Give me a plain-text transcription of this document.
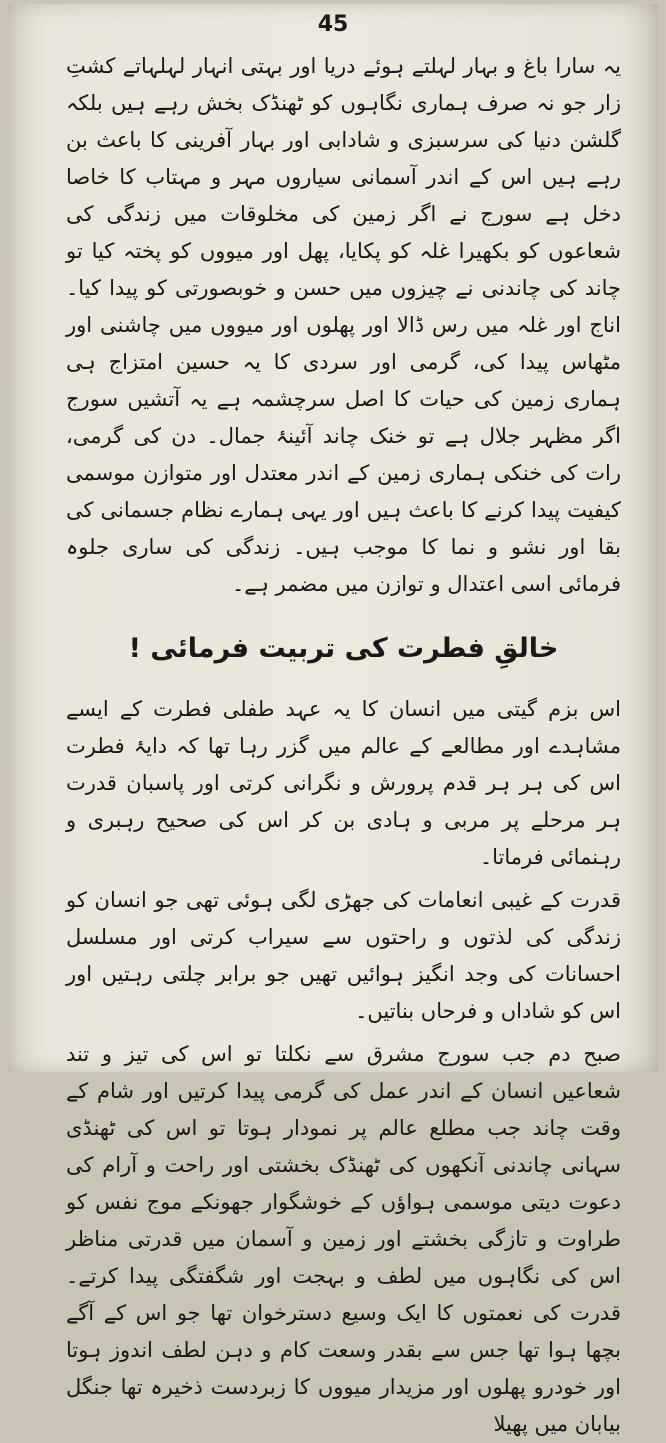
45

یہ سارا باغ و بہار لہلتے ہوئے دریا اور بہتی انہار لہلہاتے کشتِ زار جو نہ صرف ہماری نگاہوں کو ٹھنڈک بخش رہے ہیں بلکہ گلشن دنیا کی سرسبزی و شادابی اور بہار آفرینی کا باعث بن رہے ہیں اس کے اندر آسمانی سیاروں مہر و مہتاب کا خاصا دخل ہے سورج نے اگر زمین کی مخلوقات میں زندگی کی شعاعوں کو بکھیرا غلہ کو پکایا، پھل اور میووں کو پختہ کیا تو چاند کی چاندنی نے چیزوں میں حسن و خوبصورتی کو پیدا کیا۔ اناج اور غلہ میں رس ڈالا اور پھلوں اور میووں میں چاشنی اور مٹھاس پیدا کی، گرمی اور سردی کا یہ حسین امتزاج ہی ہماری زمین کی حیات کا اصل سرچشمہ ہے یہ آتشیں سورج اگر مظہر جلال ہے تو خنک چاند آئینۂ جمال۔ دن کی گرمی، رات کی خنکی ہماری زمین کے اندر معتدل اور متوازن موسمی کیفیت پیدا کرنے کا باعث ہیں اور یہی ہمارے نظام جسمانی کی بقا اور نشو و نما کا موجب ہیں۔ زندگی کی ساری جلوہ فرمائی اسی اعتدال و توازن میں مضمر ہے۔

خالقِ فطرت کی تربیت فرمائی !

اس بزم گیتی میں انسان کا یہ عہد طفلی فطرت کے ایسے مشاہدے اور مطالعے کے عالم میں گزر رہا تھا کہ دایۂ فطرت اس کی ہر ہر قدم پرورش و نگرانی کرتی اور پاسبان قدرت ہر مرحلے پر مربی و ہادی بن کر اس کی صحیح رہبری و رہنمائی فرماتا۔

قدرت کے غیبی انعامات کی جھڑی لگی ہوئی تھی جو انسان کو زندگی کی لذتوں و راحتوں سے سیراب کرتی اور مسلسل احسانات کی وجد انگیز ہوائیں تھیں جو برابر چلتی رہتیں اور اس کو شاداں و فرحاں بناتیں۔

صبح دم جب سورج مشرق سے نکلتا تو اس کی تیز و تند شعاعیں انسان کے اندر عمل کی گرمی پیدا کرتیں اور شام کے وقت چاند جب مطلع عالم پر نمودار ہوتا تو اس کی ٹھنڈی سہانی چاندنی آنکھوں کی ٹھنڈک بخشتی اور راحت و آرام کی دعوت دیتی موسمی ہواؤں کے خوشگوار جھونکے موج نفس کو طراوت و تازگی بخشتے اور زمین و آسمان میں قدرتی مناظر اس کی نگاہوں میں لطف و بہجت اور شگفتگی پیدا کرتے۔ قدرت کی نعمتوں کا ایک وسیع دسترخوان تھا جو اس کے آگے بچھا ہوا تھا جس سے بقدر وسعت کام و دہن لطف اندوز ہوتا اور خودرو پھلوں اور مزیدار میووں کا زبردست ذخیرہ تھا جنگل بیابان میں پھیلا
